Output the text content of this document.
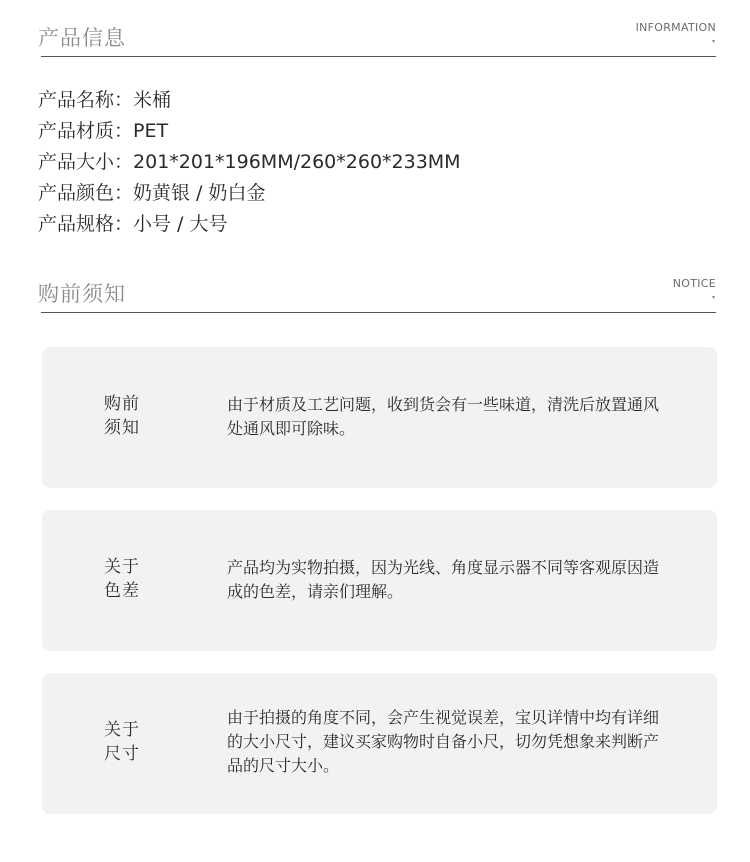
产品信息	INFORMATION
▾
产品名称：米桶
产品材质：PET
产品大小：201*201*196MM/260*260*233MM
产品颜色：奶黄银 / 奶白金
产品规格：小号 / 大号
购前须知	NOTICE
▾
购前
须知
由于材质及工艺问题，收到货会有一些味道，清洗后放置通风处通风即可除味。
关于
色差
产品均为实物拍摄，因为光线、角度显示器不同等客观原因造成的色差，请亲们理解。
关于
尺寸
由于拍摄的角度不同，会产生视觉误差，宝贝详情中均有详细的大小尺寸，建议买家购物时自备小尺，切勿凭想象来判断产品的尺寸大小。
